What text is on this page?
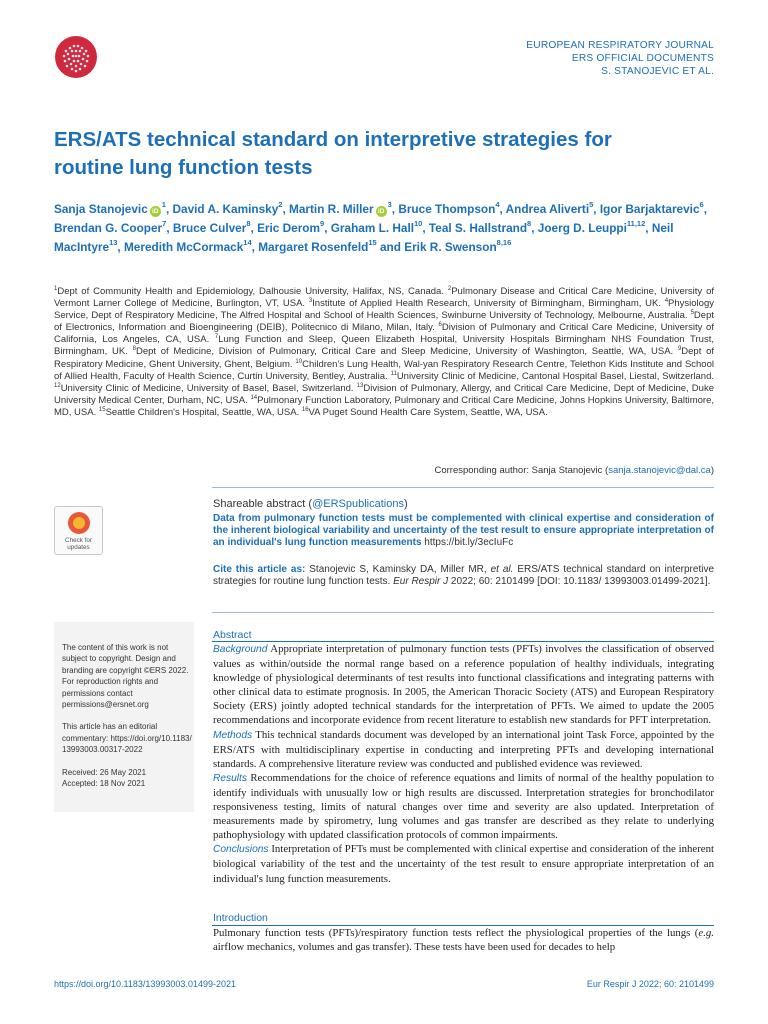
EUROPEAN RESPIRATORY JOURNAL
ERS OFFICIAL DOCUMENTS
S. STANOJEVIC ET AL.
ERS/ATS technical standard on interpretive strategies for routine lung function tests
Sanja Stanojevic $iD^1$, David A. Kaminsky$^2$, Martin R. Miller $iD^3$, Bruce Thompson$^4$, Andrea Aliverti$^5$, Igor Barjaktarevic$^6$, Brendan G. Cooper$^7$, Bruce Culver$^8$, Eric Derom$^9$, Graham L. Hall$^{10}$, Teal S. Hallstrand$^8$, Joerg D. Leuppi$^{11,12}$, Neil MacIntyre$^{13}$, Meredith McCormack$^{14}$, Margaret Rosenfeld$^{15}$ and Erik R. Swenson$^{8,16}$
$^1$Dept of Community Health and Epidemiology, Dalhousie University, Halifax, NS, Canada. $^2$Pulmonary Disease and Critical Care Medicine, University of Vermont Larner College of Medicine, Burlington, VT, USA. $^3$Institute of Applied Health Research, University of Birmingham, Birmingham, UK. $^4$Physiology Service, Dept of Respiratory Medicine, The Alfred Hospital and School of Health Sciences, Swinburne University of Technology, Melbourne, Australia. $^5$Dept of Electronics, Information and Bioengineering (DEIB), Politecnico di Milano, Milan, Italy. $^6$Division of Pulmonary and Critical Care Medicine, University of California, Los Angeles, CA, USA. $^7$Lung Function and Sleep, Queen Elizabeth Hospital, University Hospitals Birmingham NHS Foundation Trust, Birmingham, UK. $^8$Dept of Medicine, Division of Pulmonary, Critical Care and Sleep Medicine, University of Washington, Seattle, WA, USA. $^9$Dept of Respiratory Medicine, Ghent University, Ghent, Belgium. $^{10}$Children's Lung Health, Wal-yan Respiratory Research Centre, Telethon Kids Institute and School of Allied Health, Faculty of Health Science, Curtin University, Bentley, Australia. $^{11}$University Clinic of Medicine, Cantonal Hospital Basel, Liestal, Switzerland. $^{12}$University Clinic of Medicine, University of Basel, Basel, Switzerland. $^{13}$Division of Pulmonary, Allergy, and Critical Care Medicine, Dept of Medicine, Duke University Medical Center, Durham, NC, USA. $^{14}$Pulmonary Function Laboratory, Pulmonary and Critical Care Medicine, Johns Hopkins University, Baltimore, MD, USA. $^{15}$Seattle Children's Hospital, Seattle, WA, USA. $^{16}$VA Puget Sound Health Care System, Seattle, WA, USA.
Corresponding author: Sanja Stanojevic (sanja.stanojevic@dal.ca)
Check for
updates
Shareable abstract (@ERSpublications)
Data from pulmonary function tests must be complemented with clinical expertise and consideration of the inherent biological variability and uncertainty of the test result to ensure appropriate interpretation of an individual's lung function measurements https://bit.ly/3ecIuFc
Cite this article as: Stanojevic S, Kaminsky DA, Miller MR, et al. ERS/ATS technical standard on interpretive strategies for routine lung function tests. Eur Respir J 2022; 60: 2101499 [DOI: 10.1183/ 13993003.01499-2021].

The content of this work is not subject to copyright. Design and branding are copyright ©ERS 2022. For reproduction rights and permissions contact permissions@ersnet.org

This article has an editorial commentary: https://doi.org/10.1183/ 13993003.00317-2022

Received: 26 May 2021
Accepted: 18 Nov 2021
Abstract
Background Appropriate interpretation of pulmonary function tests (PFTs) involves the classification of observed values as within/outside the normal range based on a reference population of healthy individuals, integrating knowledge of physiological determinants of test results into functional classifications and integrating patterns with other clinical data to estimate prognosis. In 2005, the American Thoracic Society (ATS) and European Respiratory Society (ERS) jointly adopted technical standards for the interpretation of PFTs. We aimed to update the 2005 recommendations and incorporate evidence from recent literature to establish new standards for PFT interpretation.
Methods This technical standards document was developed by an international joint Task Force, appointed by the ERS/ATS with multidisciplinary expertise in conducting and interpreting PFTs and developing international standards. A comprehensive literature review was conducted and published evidence was reviewed.
Results Recommendations for the choice of reference equations and limits of normal of the healthy population to identify individuals with unusually low or high results are discussed. Interpretation strategies for bronchodilator responsiveness testing, limits of natural changes over time and severity are also updated. Interpretation of measurements made by spirometry, lung volumes and gas transfer are described as they relate to underlying pathophysiology with updated classification protocols of common impairments.
Conclusions Interpretation of PFTs must be complemented with clinical expertise and consideration of the inherent biological variability of the test and the uncertainty of the test result to ensure appropriate interpretation of an individual's lung function measurements.
Introduction
Pulmonary function tests (PFTs)/respiratory function tests reflect the physiological properties of the lungs (e.g. airflow mechanics, volumes and gas transfer). These tests have been used for decades to help
https://doi.org/10.1183/13993003.01499-2021	Eur Respir J 2022; 60: 2101499
